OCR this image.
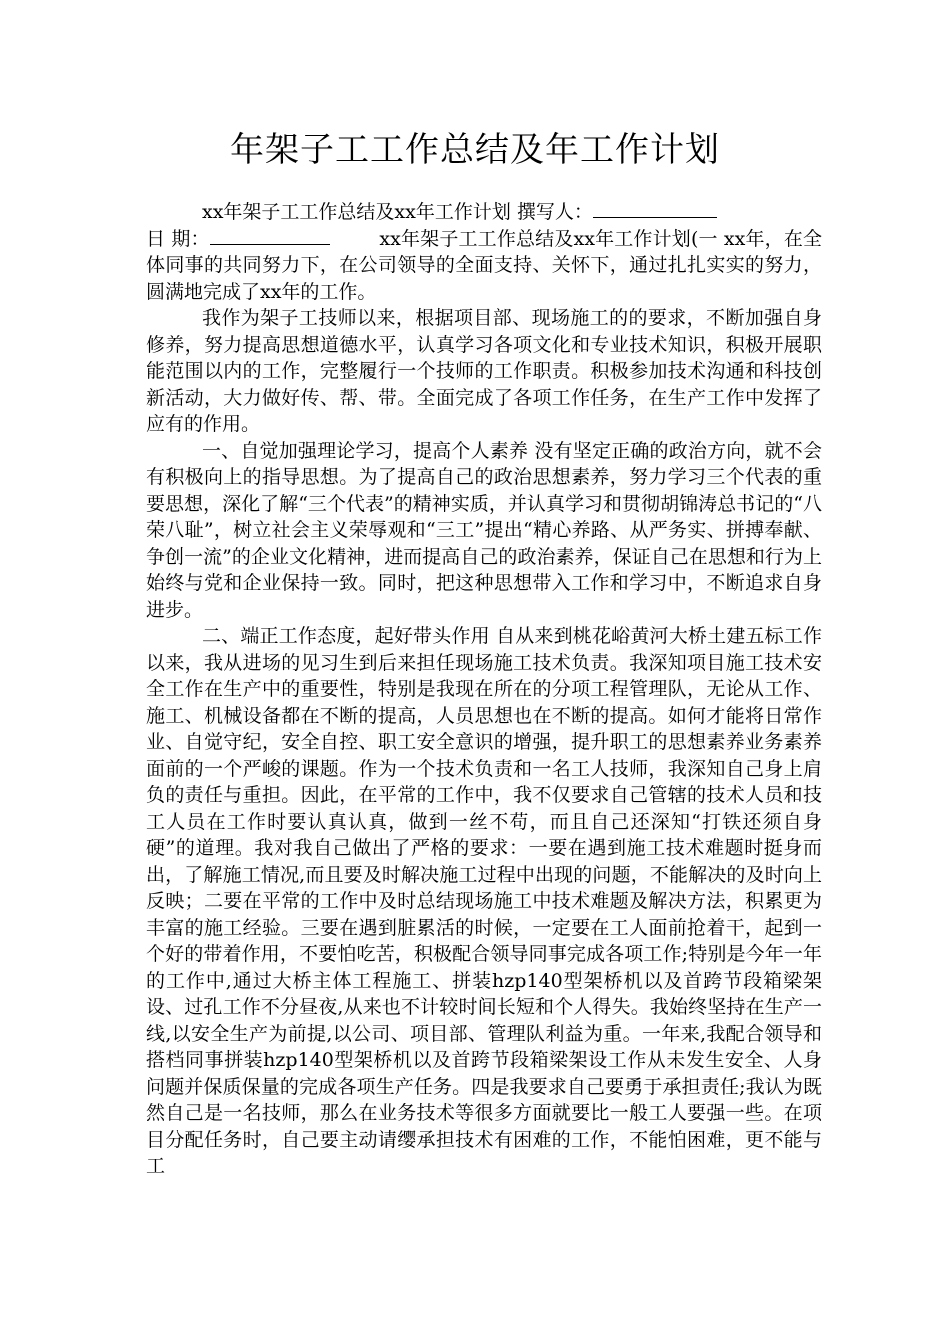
年架子工工作总结及年工作计划

xx年架子工工作总结及xx年工作计划 撰写人：
日 期：	xx年架子工工作总结及xx年工作计划(一 xx年，在全体同事的共同努力下，在公司领导的全面支持、关怀下，通过扎扎实实的努力，圆满地完成了xx年的工作。

我作为架子工技师以来，根据项目部、现场施工的的要求，不断加强自身修养，努力提高思想道德水平，认真学习各项文化和专业技术知识，积极开展职能范围以内的工作，完整履行一个技师的工作职责。积极参加技术沟通和科技创新活动，大力做好传、帮、带。全面完成了各项工作任务，在生产工作中发挥了应有的作用。

一、自觉加强理论学习，提高个人素养 没有坚定正确的政治方向，就不会有积极向上的指导思想。为了提高自己的政治思想素养，努力学习三个代表的重要思想，深化了解“三个代表”的精神实质，并认真学习和贯彻胡锦涛总书记的“八荣八耻”，树立社会主义荣辱观和“三工”提出“精心养路、从严务实、拼搏奉献、争创一流”的企业文化精神，进而提高自己的政治素养，保证自己在思想和行为上始终与党和企业保持一致。同时，把这种思想带入工作和学习中，不断追求自身进步。

二、端正工作态度，起好带头作用 自从来到桃花峪黄河大桥土建五标工作以来，我从进场的见习生到后来担任现场施工技术负责。我深知项目施工技术安全工作在生产中的重要性，特别是我现在所在的分项工程管理队，无论从工作、施工、机械设备都在不断的提高，人员思想也在不断的提高。如何才能将日常作业、自觉守纪，安全自控、职工安全意识的增强，提升职工的思想素养业务素养面前的一个严峻的课题。作为一个技术负责和一名工人技师，我深知自己身上肩负的责任与重担。因此，在平常的工作中，我不仅要求自己管辖的技术人员和技工人员在工作时要认真认真，做到一丝不苟，而且自己还深知“打铁还须自身硬”的道理。我对我自己做出了严格的要求：一要在遇到施工技术难题时挺身而出，了解施工情况,而且要及时解决施工过程中出现的问题，不能解决的及时向上反映；二要在平常的工作中及时总结现场施工中技术难题及解决方法，积累更为丰富的施工经验。三要在遇到脏累活的时候，一定要在工人面前抢着干，起到一个好的带着作用，不要怕吃苦，积极配合领导同事完成各项工作;特别是今年一年的工作中,通过大桥主体工程施工、拼装hzp140型架桥机以及首跨节段箱梁架设、过孔工作不分昼夜,从来也不计较时间长短和个人得失。我始终坚持在生产一线,以安全生产为前提,以公司、项目部、管理队利益为重。一年来,我配合领导和搭档同事拼装hzp140型架桥机以及首跨节段箱梁架设工作从未发生安全、人身问题并保质保量的完成各项生产任务。四是我要求自己要勇于承担责任;我认为既然自己是一名技师，那么在业务技术等很多方面就要比一般工人要强一些。在项目分配任务时，自己要主动请缨承担技术有困难的工作，不能怕困难，更不能与工
